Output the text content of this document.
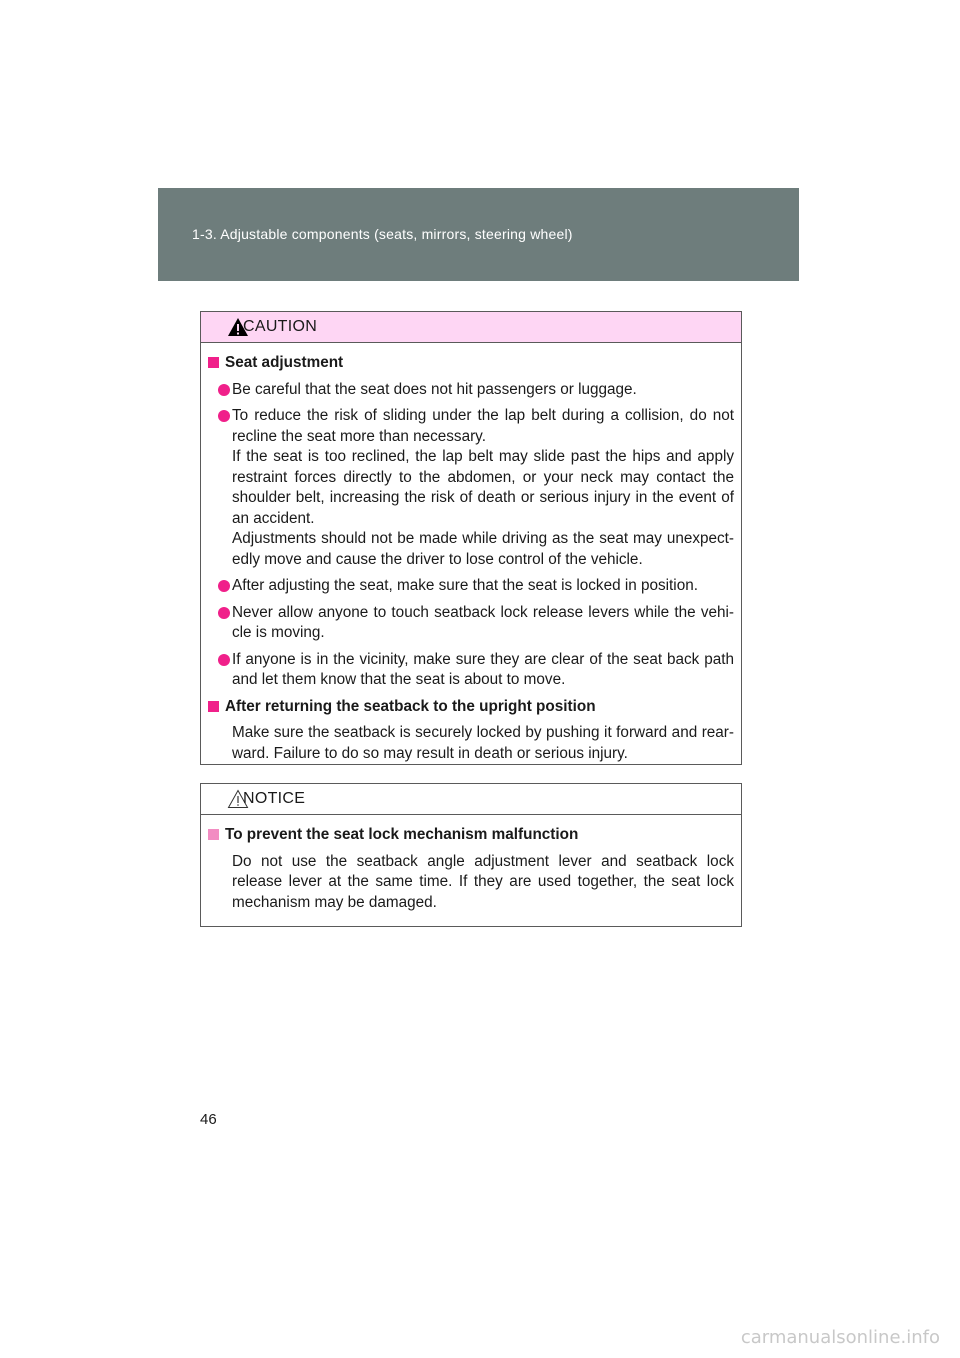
1-3. Adjustable components (seats, mirrors, steering wheel)
CAUTION
Seat adjustment
Be careful that the seat does not hit passengers or luggage.
To reduce the risk of sliding under the lap belt during a collision, do not recline the seat more than necessary.
If the seat is too reclined, the lap belt may slide past the hips and apply restraint forces directly to the abdomen, or your neck may contact the shoulder belt, increasing the risk of death or serious injury in the event of an accident.
Adjustments should not be made while driving as the seat may unexpect-edly move and cause the driver to lose control of the vehicle.
After adjusting the seat, make sure that the seat is locked in position.
Never allow anyone to touch seatback lock release levers while the vehi-cle is moving.
If anyone is in the vicinity, make sure they are clear of the seat back path and let them know that the seat is about to move.
After returning the seatback to the upright position
Make sure the seatback is securely locked by pushing it forward and rear-ward. Failure to do so may result in death or serious injury.
NOTICE
To prevent the seat lock mechanism malfunction
Do not use the seatback angle adjustment lever and seatback lock release lever at the same time. If they are used together, the seat lock mechanism may be damaged.
46
carmanualsonline.info
